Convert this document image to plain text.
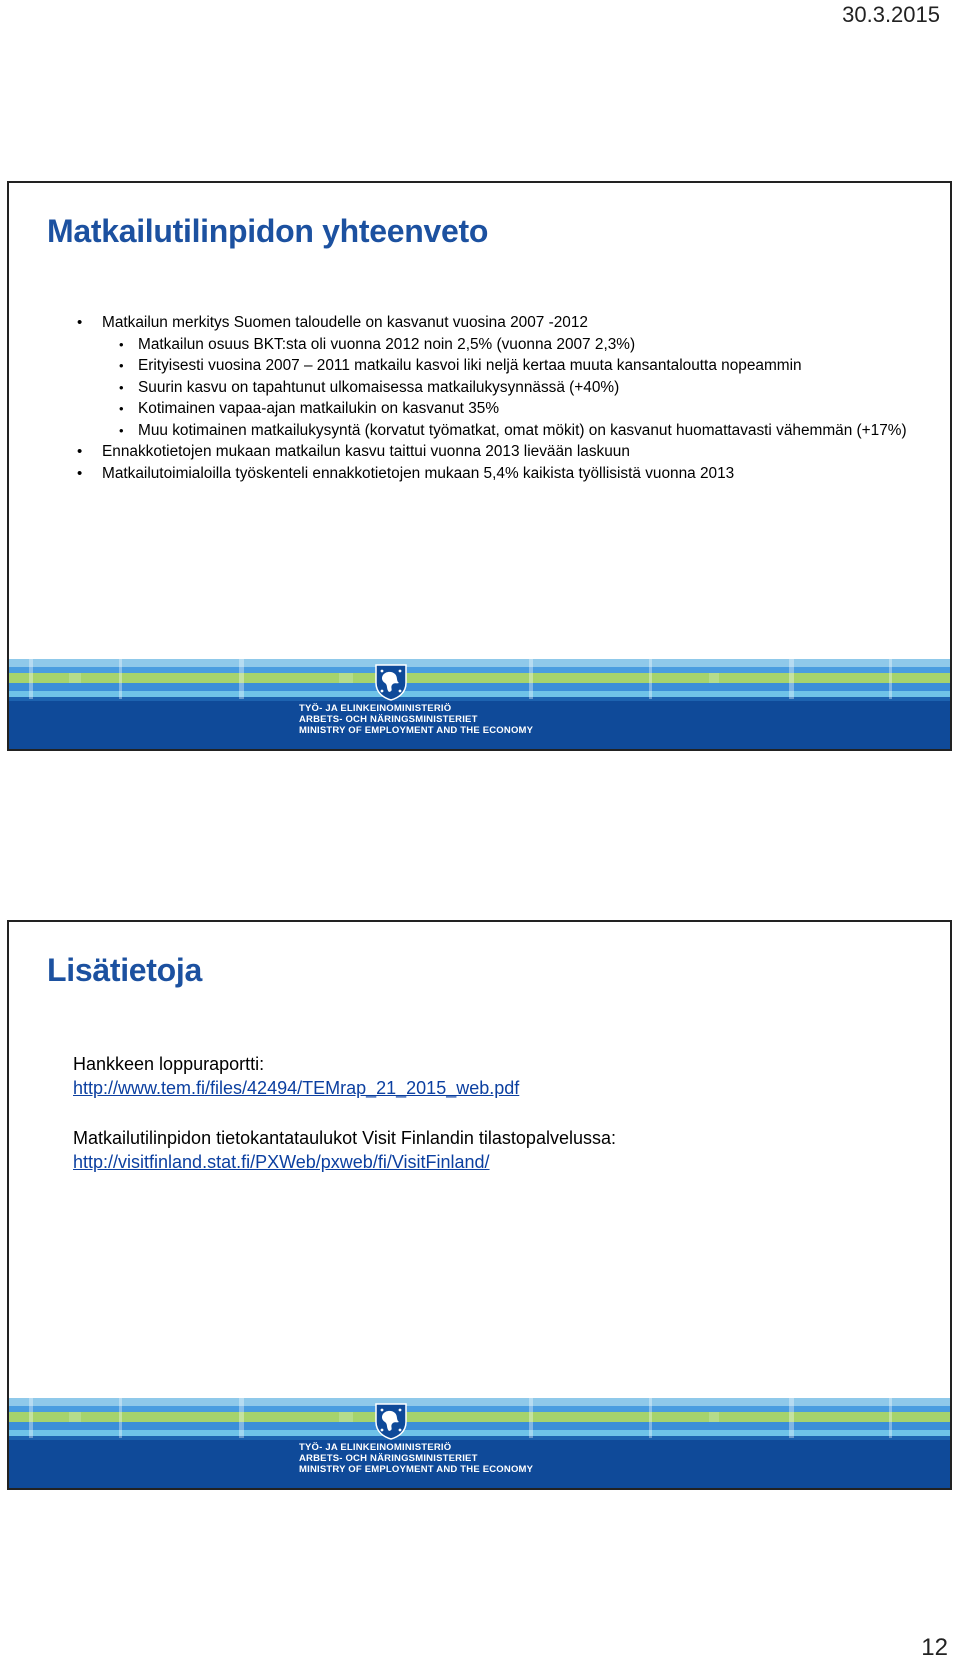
30.3.2015
Matkailutilinpidon yhteenveto
• Matkailun merkitys Suomen taloudelle on kasvanut vuosina 2007 -2012
• Matkailun osuus BKT:sta oli vuonna 2012 noin 2,5% (vuonna 2007 2,3%)
• Erityisesti vuosina 2007 – 2011 matkailu kasvoi liki neljä kertaa muuta kansantaloutta nopeammin
• Suurin kasvu on tapahtunut ulkomaisessa matkailukysynnässä (+40%)
• Kotimainen vapaa-ajan matkailukin on kasvanut 35%
• Muu kotimainen matkailukysyntä (korvatut työmatkat, omat mökit) on kasvanut huomattavasti vähemmän (+17%)
• Ennakkotietojen mukaan matkailun kasvu taittui vuonna 2013 lievään laskuun
• Matkailutoimialoilla työskenteli ennakkotietojen mukaan 5,4% kaikista työllisistä vuonna 2013
TYÖ- JA ELINKEINOMINISTERIÖ
ARBETS- OCH NÄRINGSMINISTERIET
MINISTRY OF EMPLOYMENT AND THE ECONOMY
Lisätietoja

Hankkeen loppuraportti:

http://www.tem.fi/files/42494/TEMrap_21_2015_web.pdf

Matkailutilinpidon tietokantataulukot Visit Finlandin tilastopalvelussa:

http://visitfinland.stat.fi/PXWeb/pxweb/fi/VisitFinland/

TYÖ- JA ELINKEINOMINISTERIÖ
ARBETS- OCH NÄRINGSMINISTERIET
MINISTRY OF EMPLOYMENT AND THE ECONOMY
12
